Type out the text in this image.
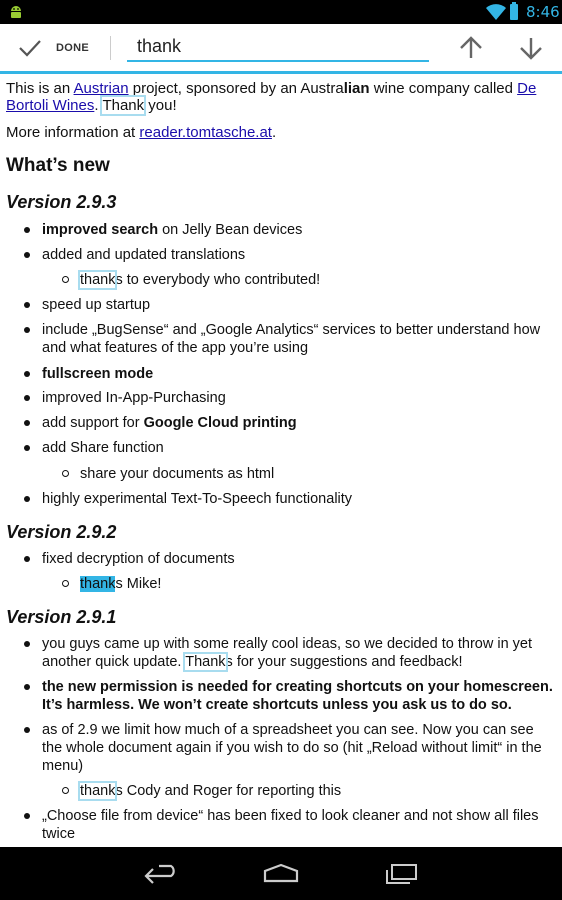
8:46
DONE
thank
This is an Austrian project, sponsored by an Australian wine company called De Bortoli Wines. Thank you!
More information at reader.tomtasche.at.
What’s new
Version 2.9.3
improved search on Jelly Bean devices
added and updated translations
thanks to everybody who contributed!
speed up startup
include „BugSense“ and „Google Analytics“ services to better understand how and what features of the app you’re using
fullscreen mode
improved In-App-Purchasing
add support for Google Cloud printing
add Share function
share your documents as html
highly experimental Text-To-Speech functionality
Version 2.9.2
fixed decryption of documents
thanks Mike!
Version 2.9.1
you guys came up with some really cool ideas, so we decided to throw in yet another quick update. Thanks for your suggestions and feedback!
the new permission is needed for creating shortcuts on your homescreen. It’s harmless. We won’t create shortcuts unless you ask us to do so.
as of 2.9 we limit how much of a spreadsheet you can see. Now you can see the whole document again if you wish to do so (hit „Reload without limit“ in the menu)
thanks Cody and Roger for reporting this
„Choose file from device“ has been fixed to look cleaner and not show all files twice
